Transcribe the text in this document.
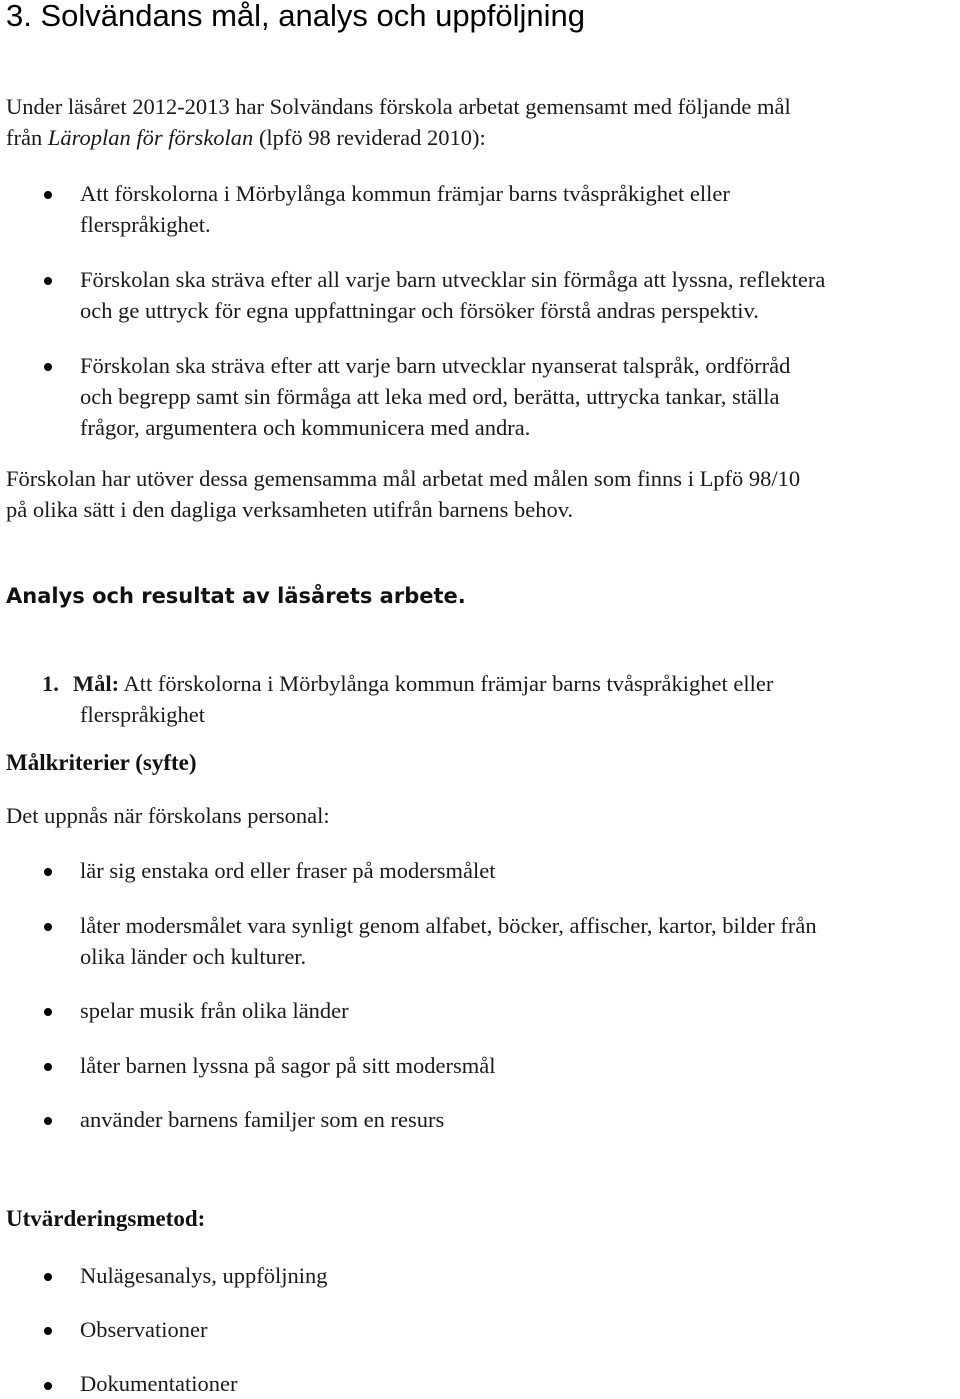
3. Solvändans mål, analys och uppföljning

Under läsåret 2012-2013 har Solvändans förskola arbetat gemensamt med följande mål

från Läroplan för förskolan (lpfö 98 reviderad 2010):

Att förskolorna i Mörbylånga kommun främjar barns tvåspråkighet eller

flerspråkighet.

Förskolan ska sträva efter all varje barn utvecklar sin förmåga att lyssna, reflektera

och ge uttryck för egna uppfattningar och försöker förstå andras perspektiv.

Förskolan ska sträva efter att varje barn utvecklar nyanserat talspråk, ordförråd

och begrepp samt sin förmåga att leka med ord, berätta, uttrycka tankar, ställa

frågor, argumentera och kommunicera med andra.

Förskolan har utöver dessa gemensamma mål arbetat med målen som finns i Lpfö 98/10

på olika sätt i den dagliga verksamheten utifrån barnens behov.

Analys och resultat av läsårets arbete.

1. Mål: Att förskolorna i Mörbylånga kommun främjar barns tvåspråkighet eller

flerspråkighet

Målkriterier (syfte)

Det uppnås när förskolans personal:

lär sig enstaka ord eller fraser på modersmålet

låter modersmålet vara synligt genom alfabet, böcker, affischer, kartor, bilder från

olika länder och kulturer.

spelar musik från olika länder

låter barnen lyssna på sagor på sitt modersmål

använder barnens familjer som en resurs

Utvärderingsmetod:

Nulägesanalys, uppföljning

Observationer

Dokumentationer
